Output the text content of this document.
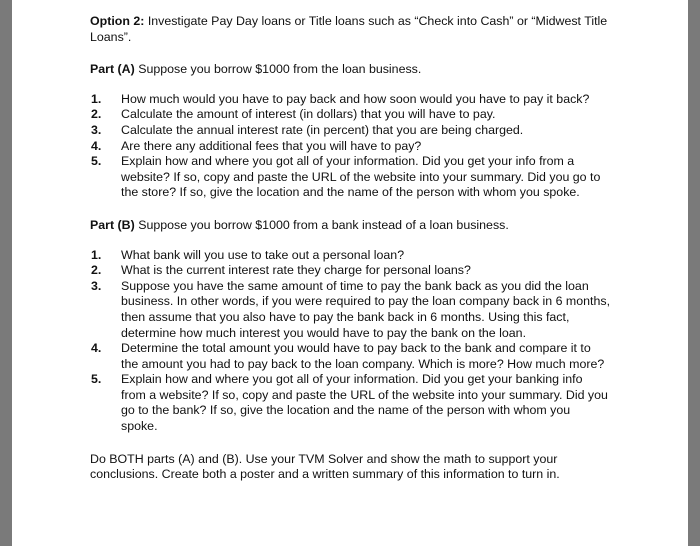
Option 2: Investigate Pay Day loans or Title loans such as “Check into Cash” or “Midwest Title Loans”.

Part (A) Suppose you borrow $1000 from the loan business.

1. How much would you have to pay back and how soon would you have to pay it back?
2. Calculate the amount of interest (in dollars) that you will have to pay.
3. Calculate the annual interest rate (in percent) that you are being charged.
4. Are there any additional fees that you will have to pay?
5. Explain how and where you got all of your information. Did you get your info from a website? If so, copy and paste the URL of the website into your summary. Did you go to the store? If so, give the location and the name of the person with whom you spoke.

Part (B) Suppose you borrow $1000 from a bank instead of a loan business.

1. What bank will you use to take out a personal loan?
2. What is the current interest rate they charge for personal loans?
3. Suppose you have the same amount of time to pay the bank back as you did the loan business. In other words, if you were required to pay the loan company back in 6 months, then assume that you also have to pay the bank back in 6 months. Using this fact, determine how much interest you would have to pay the bank on the loan.
4. Determine the total amount you would have to pay back to the bank and compare it to the amount you had to pay back to the loan company. Which is more? How much more?
5. Explain how and where you got all of your information. Did you get your banking info from a website? If so, copy and paste the URL of the website into your summary. Did you go to the bank? If so, give the location and the name of the person with whom you spoke.

Do BOTH parts (A) and (B). Use your TVM Solver and show the math to support your conclusions. Create both a poster and a written summary of this information to turn in.
